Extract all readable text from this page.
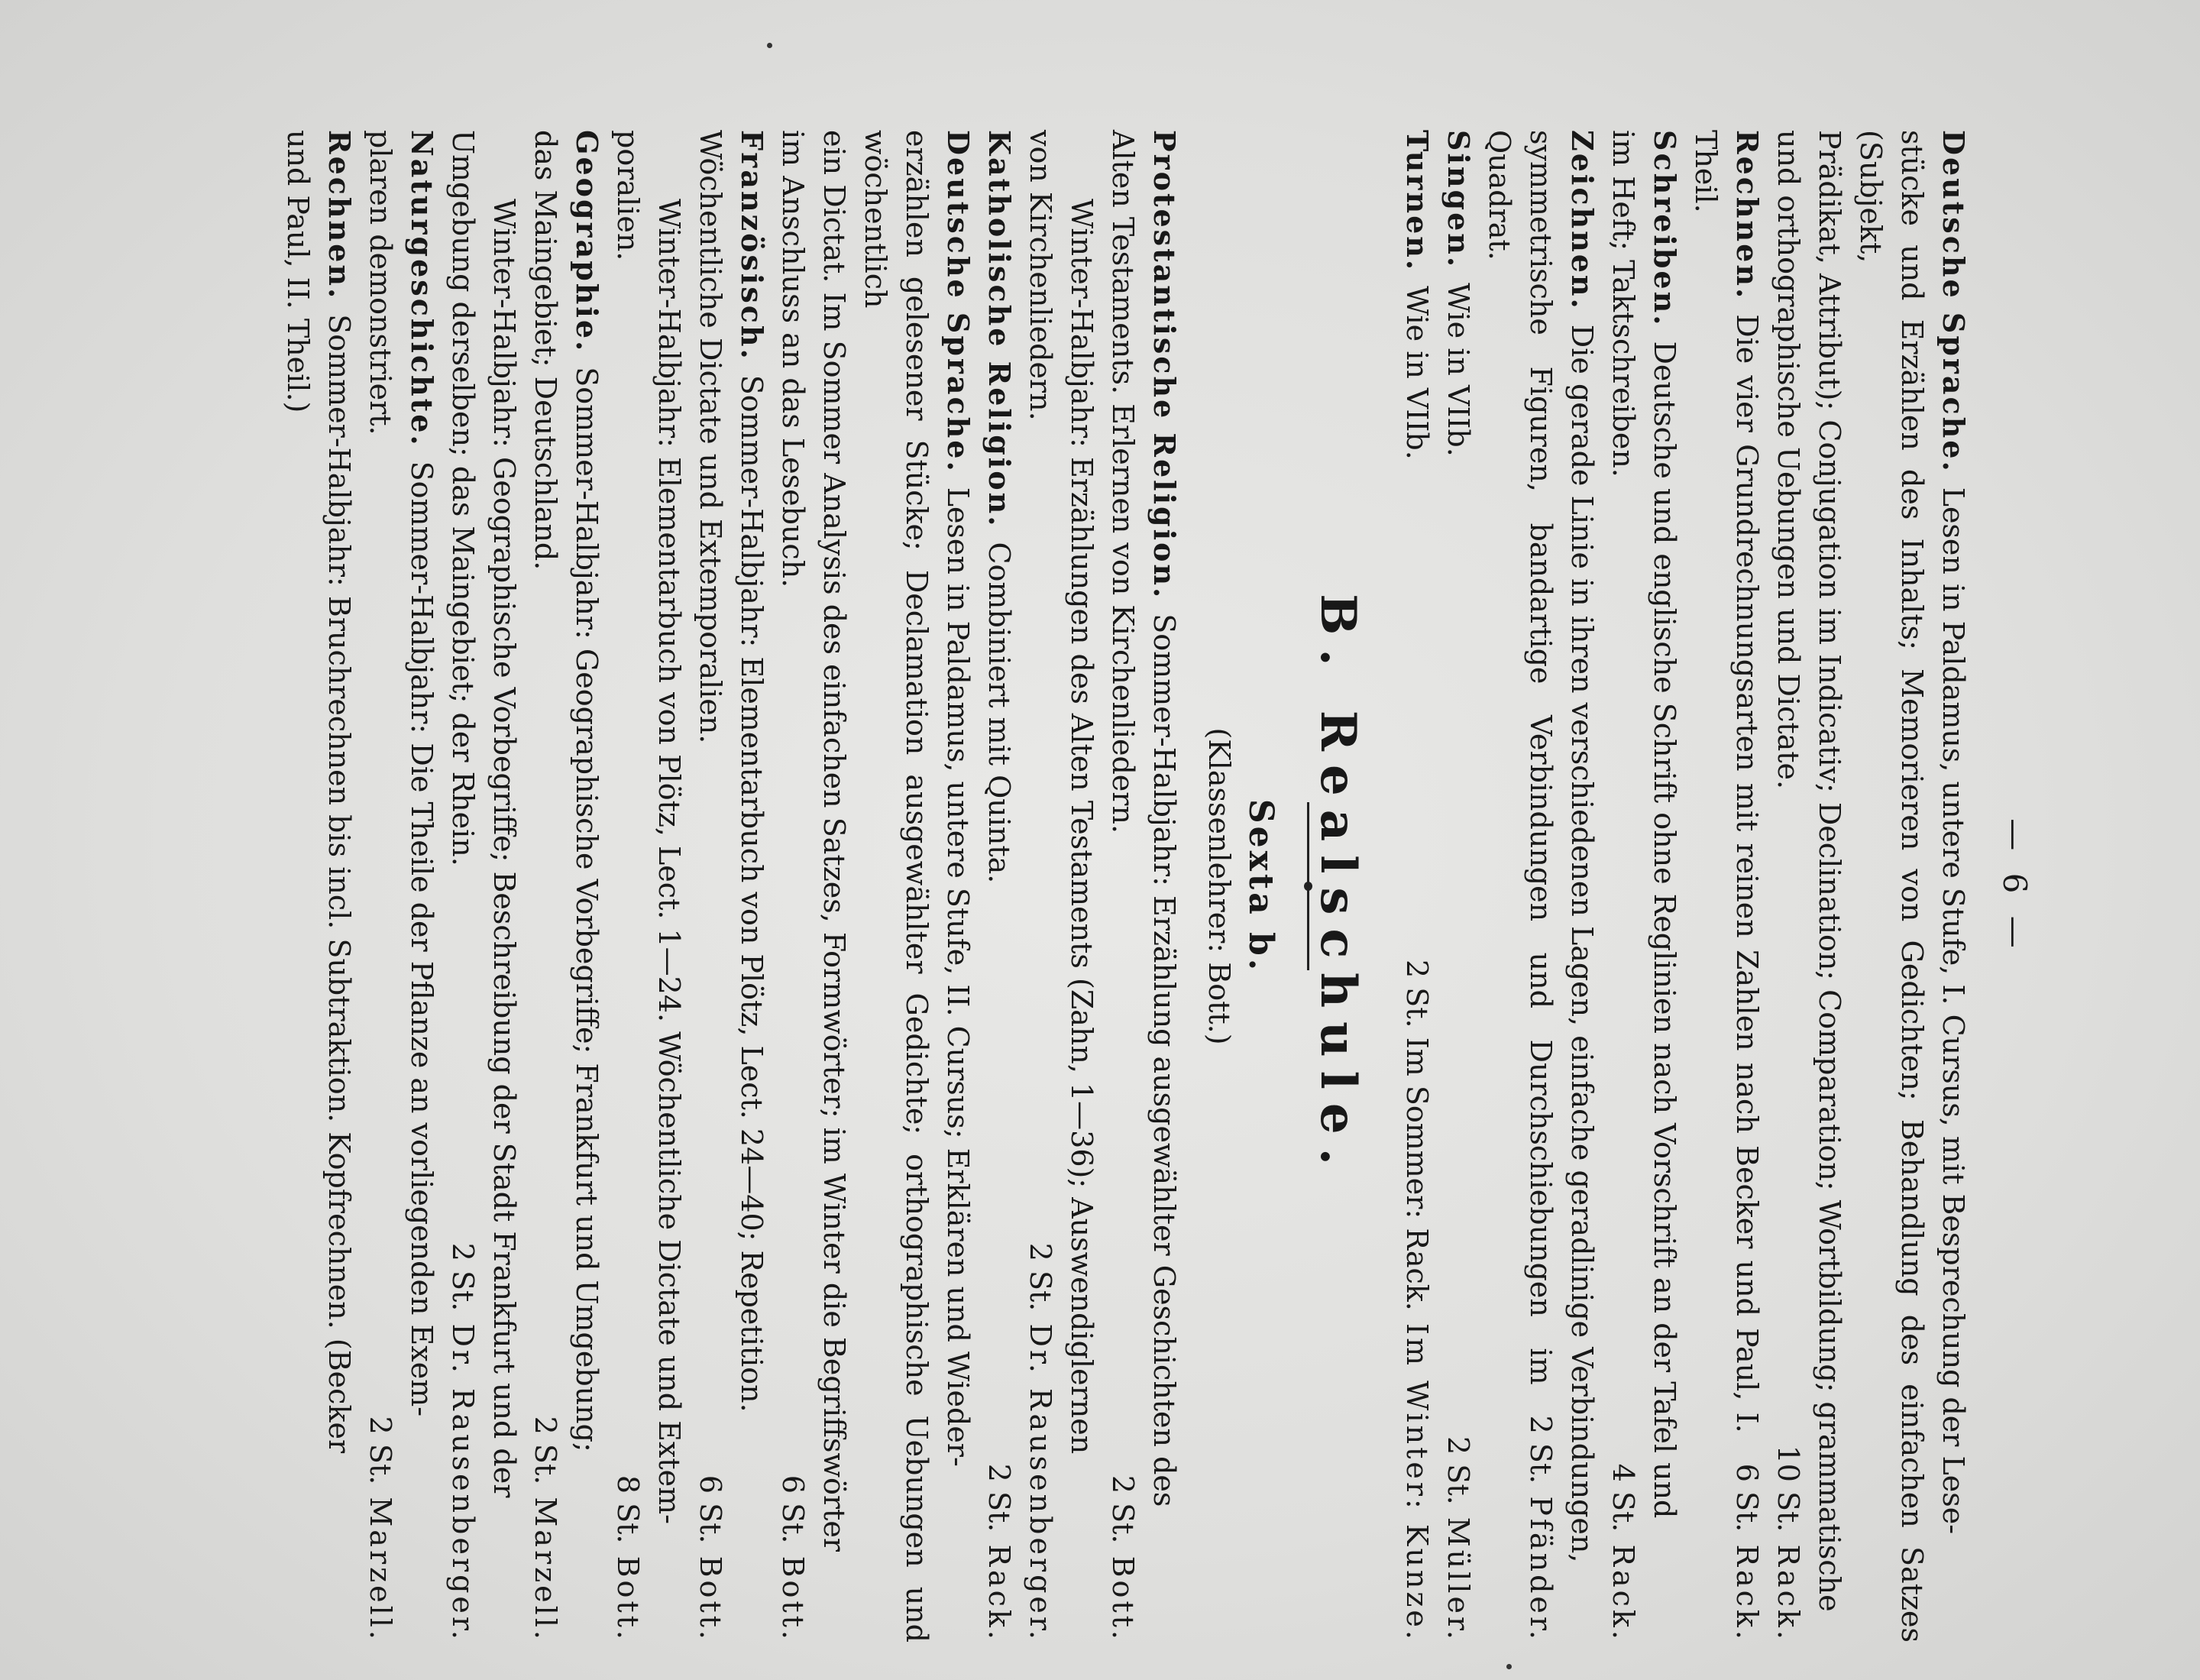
— 6 —
Deutsche Sprache.Lesen in Paldamus, untere Stufe, I. Cursus, mit Besprechung der Lese-
stücke und Erzählen des Inhalts; Memorieren von Gedichten; Behandlung des einfachen Satzes (Subjekt,
Prädikat, Attribut); Conjugation im Indicativ; Declination; Comparation; Wortbildung; grammatische
und orthographische Uebungen und Dictate.
10 St. Rack.
Rechnen.Die vier Grundrechnungsarten mit reinen Zahlen nach Becker und Paul, I. Theil.
6 St. Rack.
Schreiben.Deutsche und englische Schrift ohne Reglinien nach Vorschrift an der Tafel und
im Heft; Taktschreiben.
4 St. Rack.
Zeichnen.Die gerade Linie in ihren verschiedenen Lagen, einfache geradlinige Verbindungen,
symmetrische Figuren, bandartige Verbindungen und Durchschiebungen im Quadrat.
2 St. Pfänder.
Singen.Wie in VIIb.
2 St. Müller.
Turnen.Wie in VIIb.
2 St. Im Sommer: Rack. Im Winter: Kunze.
B. Realschule.
Sexta b.
(Klassenlehrer: Bott.)
Protestantische Religion.Sommer-Halbjahr: Erzählung ausgewählter Geschichten des
Alten Testaments. Erlernen von Kirchenliedern.
2 St. Bott.
Winter-Halbjahr: Erzählungen des Alten Testaments (Zahn, 1—36); Auswendiglernen
von Kirchenliedern.
2 St. Dr. Rausenberger.
Katholische Religion.Combiniert mit Quinta.
2 St. Rack.
Deutsche Sprache.Lesen in Paldamus, untere Stufe, II. Cursus; Erklären und Wieder-
erzählen gelesener Stücke; Declamation ausgewählter Gedichte; orthographische Uebungen und wöchentlich
ein Dictat. Im Sommer Analysis des einfachen Satzes, Formwörter; im Winter die Begriffswörter
im Anschluss an das Lesebuch.
6 St. Bott.
Französisch.Sommer-Halbjahr: Elementarbuch von Plötz, Lect. 24—40; Repetition.
Wöchentliche Dictate und Extemporalien.
6 St. Bott.
Winter-Halbjahr: Elementarbuch von Plötz, Lect. 1—24. Wöchentliche Dictate und Extem-
poralien.
8 St. Bott.
Geographie.Sommer-Halbjahr: Geographische Vorbegriffe; Frankfurt und Umgebung;
das Maingebiet; Deutschland.
2 St. Marzell.
Winter-Halbjahr: Geographische Vorbegriffe; Beschreibung der Stadt Frankfurt und der
Umgebung derselben; das Maingebiet; der Rhein.
2 St. Dr. Rausenberger.
Naturgeschichte.Sommer-Halbjahr: Die Theile der Pflanze an vorliegenden Exem-
plaren demonstriert.
2 St. Marzell.
Rechnen.Sommer-Halbjahr: Bruchrechnen bis incl. Subtraktion. Kopfrechnen. (Becker
und Paul, II. Theil.)
